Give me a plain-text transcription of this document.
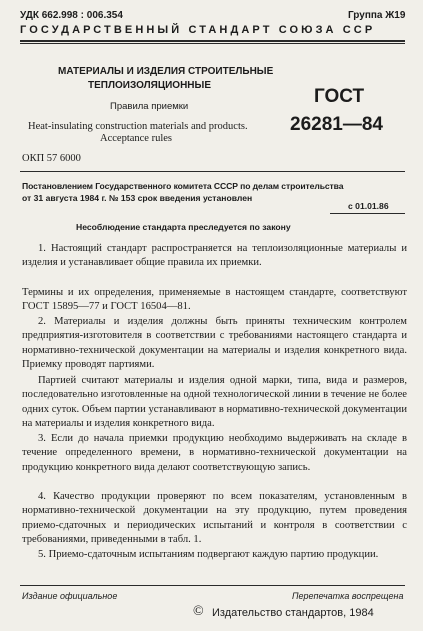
УДК 662.998 : 006.354	Группа Ж19
ГОСУДАРСТВЕННЫЙ СТАНДАРТ СОЮЗА ССР
МАТЕРИАЛЫ И ИЗДЕЛИЯ СТРОИТЕЛЬНЫЕ
ТЕПЛОИЗОЛЯЦИОННЫЕ
Правила приемки
Heat-insulating construction materials and products.
Acceptance rules
ОКП 57 6000
ГОСТ
26281—84
Постановлением Государственного комитета СССР по делам строительства
от 31 августа 1984 г. № 153 срок введения установлен
с 01.01.86
Несоблюдение стандарта преследуется по закону

1. Настоящий стандарт распространяется на теплоизоляционные материалы и изделия и устанавливает общие правила их приемки.

Термины и их определения, применяемые в настоящем стандарте, соответствуют ГОСТ 15895—77 и ГОСТ 16504—81.

2. Материалы и изделия должны быть приняты техническим контролем предприятия-изготовителя в соответствии с требованиями настоящего стандарта и нормативно-технической документации на материалы и изделия конкретного вида. Приемку проводят партиями.

Партией считают материалы и изделия одной марки, типа, вида и размеров, последовательно изготовленные на одной технологической линии в течение не более одних суток. Объем партии устанавливают в нормативно-технической документации на материалы и изделия конкретного вида.

3. Если до начала приемки продукцию необходимо выдерживать на складе в течение определенного времени, в нормативно-технической документации на продукцию конкретного вида делают соответствующую запись.

4. Качество продукции проверяют по всем показателям, установленным в нормативно-технической документации на эту продукцию, путем проведения приемо-сдаточных и периодических испытаний и контроля в соответствии с требованиями, приведенными в табл. 1.

5. Приемо-сдаточным испытаниям подвергают каждую партию продукции.

Издание официальное	Перепечатка воспрещена
© Издательство стандартов, 1984
